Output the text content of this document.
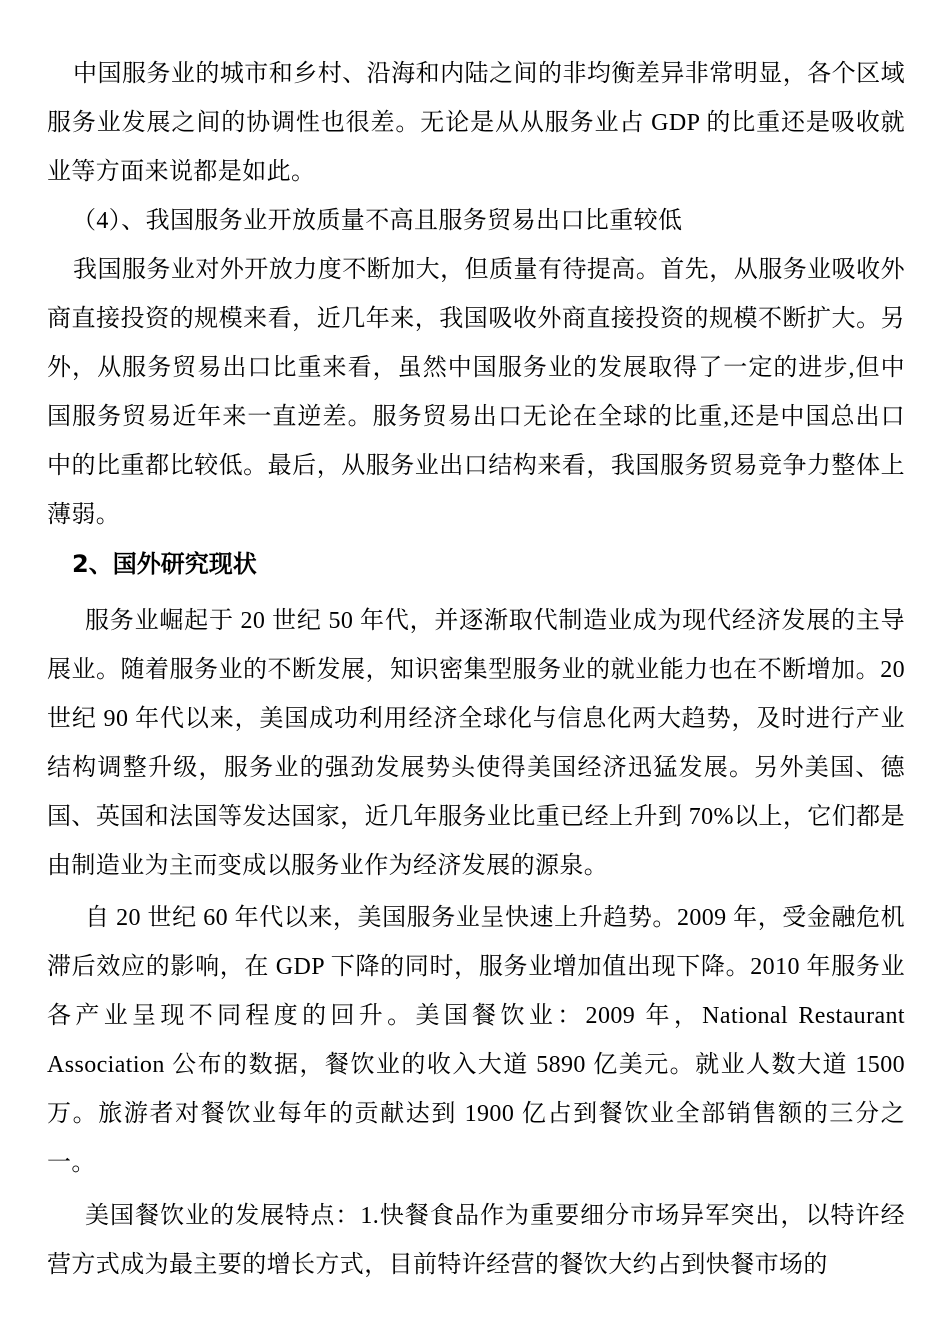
中国服务业的城市和乡村、沿海和内陆之间的非均衡差异非常明显，各个区域服务业发展之间的协调性也很差。无论是从从服务业占 GDP 的比重还是吸收就业等方面来说都是如此。

（4）、我国服务业开放质量不高且服务贸易出口比重较低

我国服务业对外开放力度不断加大，但质量有待提高。首先，从服务业吸收外商直接投资的规模来看，近几年来，我国吸收外商直接投资的规模不断扩大。另外，从服务贸易出口比重来看，虽然中国服务业的发展取得了一定的进步,但中国服务贸易近年来一直逆差。服务贸易出口无论在全球的比重,还是中国总出口中的比重都比较低。最后，从服务业出口结构来看，我国服务贸易竞争力整体上薄弱。

2、国外研究现状

服务业崛起于 20 世纪 50 年代，并逐渐取代制造业成为现代经济发展的主导展业。随着服务业的不断发展，知识密集型服务业的就业能力也在不断增加。20 世纪 90 年代以来，美国成功利用经济全球化与信息化两大趋势，及时进行产业结构调整升级，服务业的强劲发展势头使得美国经济迅猛发展。另外美国、德国、英国和法国等发达国家，近几年服务业比重已经上升到 70%以上，它们都是由制造业为主而变成以服务业作为经济发展的源泉。

自 20 世纪 60 年代以来，美国服务业呈快速上升趋势。2009 年，受金融危机滞后效应的影响，在 GDP 下降的同时，服务业增加值出现下降。2010 年服务业各产业呈现不同程度的回升。美国餐饮业：2009 年，National Restaurant Association 公布的数据，餐饮业的收入大道 5890 亿美元。就业人数大道 1500 万。旅游者对餐饮业每年的贡献达到 1900 亿占到餐饮业全部销售额的三分之一。

美国餐饮业的发展特点：1.快餐食品作为重要细分市场异军突出，以特许经营方式成为最主要的增长方式，目前特许经营的餐饮大约占到快餐市场的
